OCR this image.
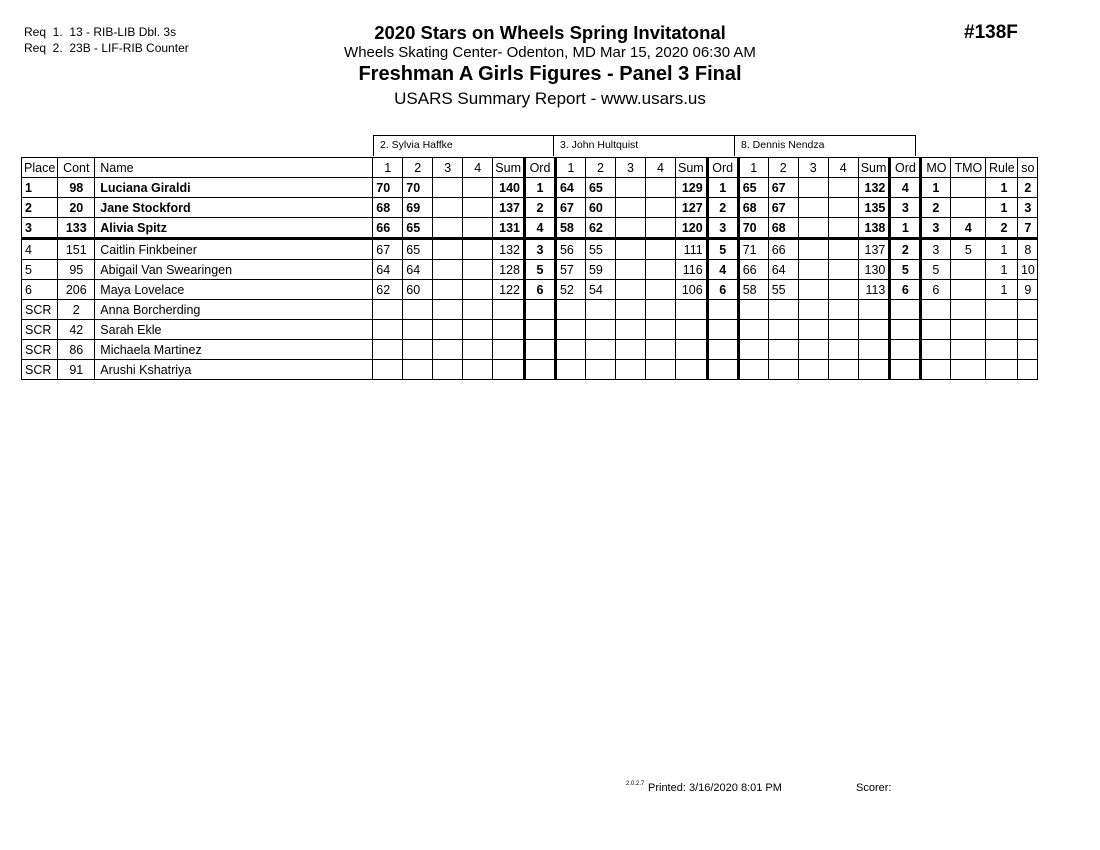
Req  1.  13 - RIB-LIB Dbl. 3s
Req  2.  23B - LIF-RIB Counter
2020 Stars on Wheels Spring Invitatonal
Wheels Skating Center- Odenton, MD Mar 15, 2020 06:30 AM
Freshman A Girls Figures - Panel 3 Final
USARS Summary Report - www.usars.us
#138F
2. Sylvia Haffke	3. John Hultquist	8. Dennis Nendza
Place	Cont	Name	1	2	3	4	Sum	Ord	1	2	3	4	Sum	Ord	1	2	3	4	Sum	Ord	MO	TMO	Rule	so
1	98	Luciana Giraldi	70	70			140	1	64	65			129	1	65	67			132	4	1		1	2
2	20	Jane Stockford	68	69			137	2	67	60			127	2	68	67			135	3	2		1	3
3	133	Alivia Spitz	66	65			131	4	58	62			120	3	70	68			138	1	3	4	2	7
4	151	Caitlin Finkbeiner	67	65			132	3	56	55			111	5	71	66			137	2	3	5	1	8
5	95	Abigail Van Swearingen	64	64			128	5	57	59			116	4	66	64			130	5	5		1	10
6	206	Maya Lovelace	62	60			122	6	52	54			106	6	58	55			113	6	6		1	9
SCR	2	Anna Borcherding																						
SCR	42	Sarah Ekle																						
SCR	86	Michaela Martinez																						
SCR	91	Arushi Kshatriya																						
2.0.2.7 Printed: 3/16/2020 8:01 PM	Scorer:
